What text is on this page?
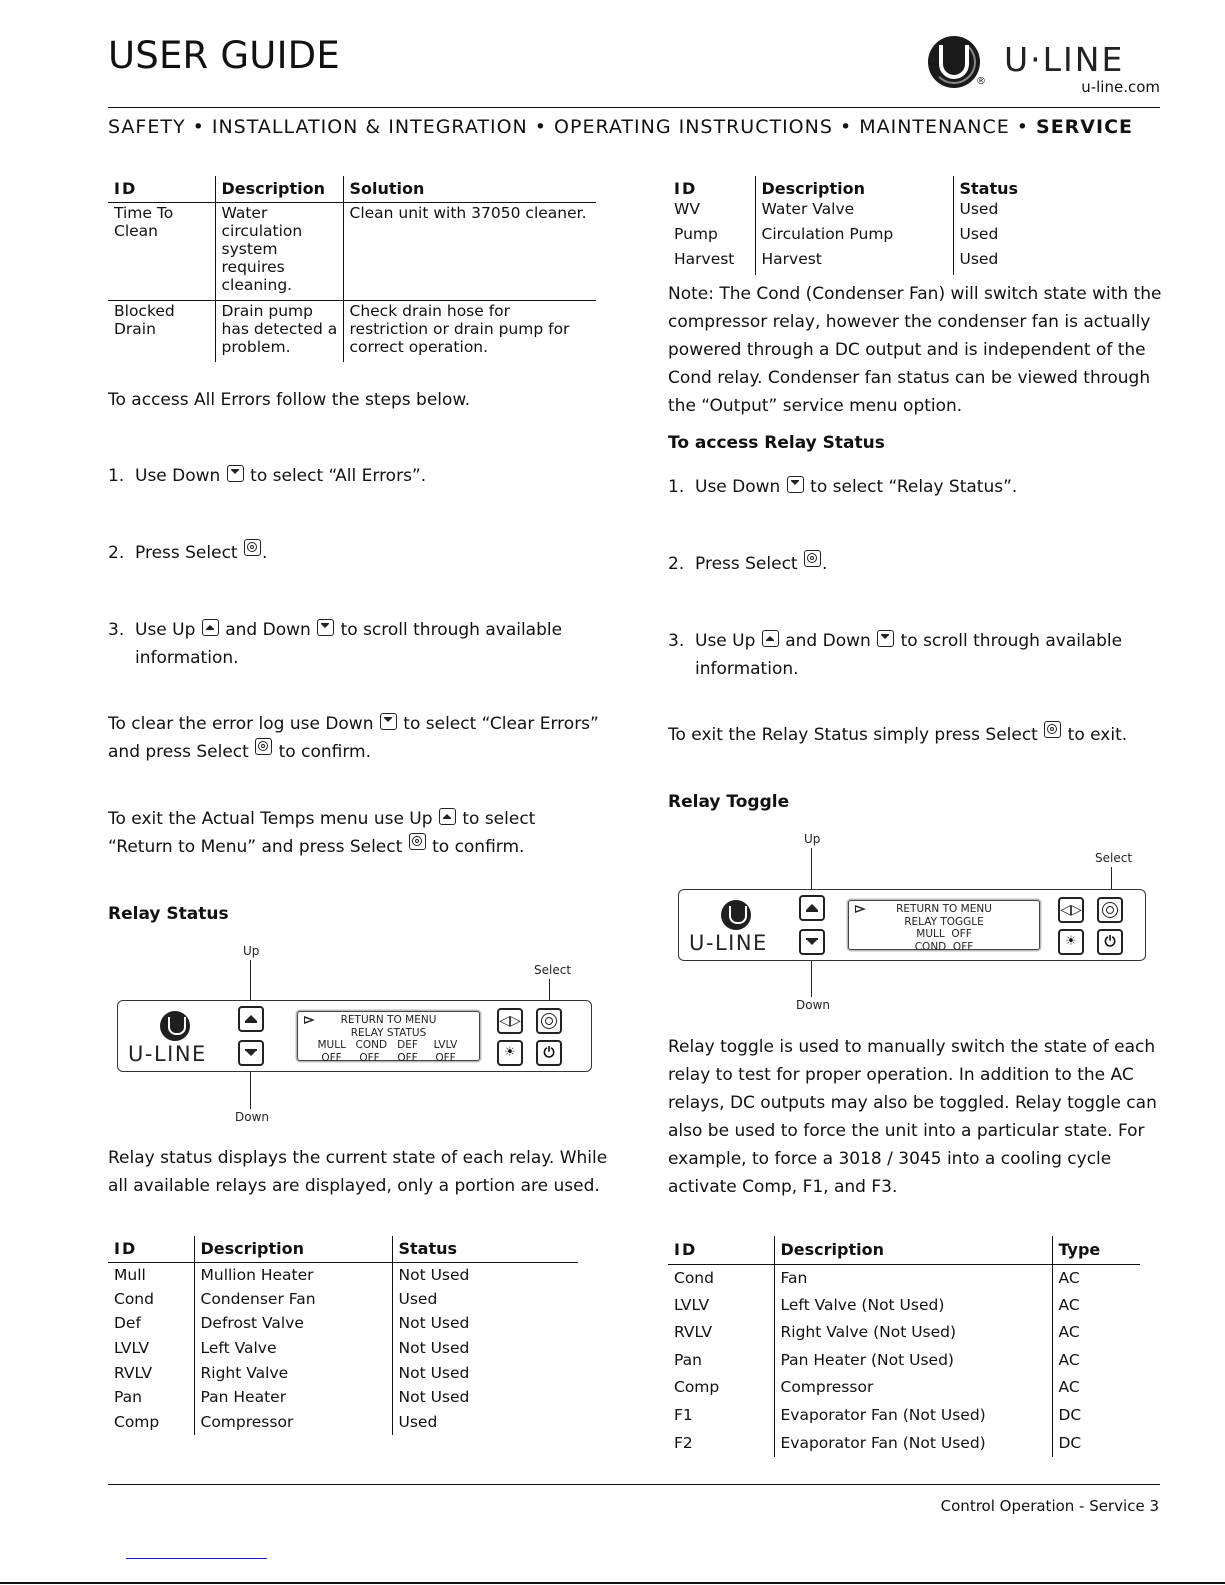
USER GUIDE
®
U·LINE
u-line.com
SAFETY • INSTALLATION & INTEGRATION • OPERATING INSTRUCTIONS • MAINTENANCE • SERVICE
ID	Description	Solution
Time To Clean	Water circulation system requires cleaning.	Clean unit with 37050 cleaner.
Blocked Drain	Drain pump has detected a problem.	Check drain hose for restriction or drain pump for correct operation.
To access All Errors follow the steps below.
1. Use Down to select “All Errors”.
2. Press Select .
3. Use Up and Down to scroll through available
information.
To clear the error log use Down to select “Clear Errors”
and press Select to confirm.
To exit the Actual Temps menu use Up to select
“Return to Menu” and press Select to confirm.
Relay Status
Up
Select
U-LINE
RETURN TO MENU
RELAY STATUS
MULL COND DEF	LVLV
OFF	OFF	OFF	OFF
◁▷
☀	⏻
Down
Relay status displays the current state of each relay. While
all available relays are displayed, only a portion are used.
ID	Description	Status
Mull	Mullion Heater	Not Used
Cond	Condenser Fan	Used
Def	Defrost Valve	Not Used
LVLV	Left Valve	Not Used
RVLV	Right Valve	Not Used
Pan	Pan Heater	Not Used
Comp	Compressor	Used
ID	Description	Status
WV	Water Valve	Used
Pump	Circulation Pump	Used
Harvest	Harvest	Used
Note: The Cond (Condenser Fan) will switch state with the
compressor relay, however the condenser fan is actually
powered through a DC output and is independent of the
Cond relay. Condenser fan status can be viewed through
the “Output” service menu option.
To access Relay Status
1. Use Down to select “Relay Status”.
2. Press Select .
3. Use Up and Down to scroll through available
information.
To exit the Relay Status simply press Select to exit.
Relay Toggle
Up
Select
U-LINE
RETURN TO MENU
RELAY TOGGLE
MULL  OFF
COND  OFF
◁▷
☀	⏻
Down
Relay toggle is used to manually switch the state of each
relay to test for proper operation. In addition to the AC
relays, DC outputs may also be toggled. Relay toggle can
also be used to force the unit into a particular state. For
example, to force a 3018 / 3045 into a cooling cycle
activate Comp, F1, and F3.
ID	Description	Type
Cond	Fan	AC
LVLV	Left Valve (Not Used)	AC
RVLV	Right Valve (Not Used)	AC
Pan	Pan Heater (Not Used)	AC
Comp	Compressor	AC
F1	Evaporator Fan (Not Used)	DC
F2	Evaporator Fan (Not Used)	DC
Control Operation - Service 3
